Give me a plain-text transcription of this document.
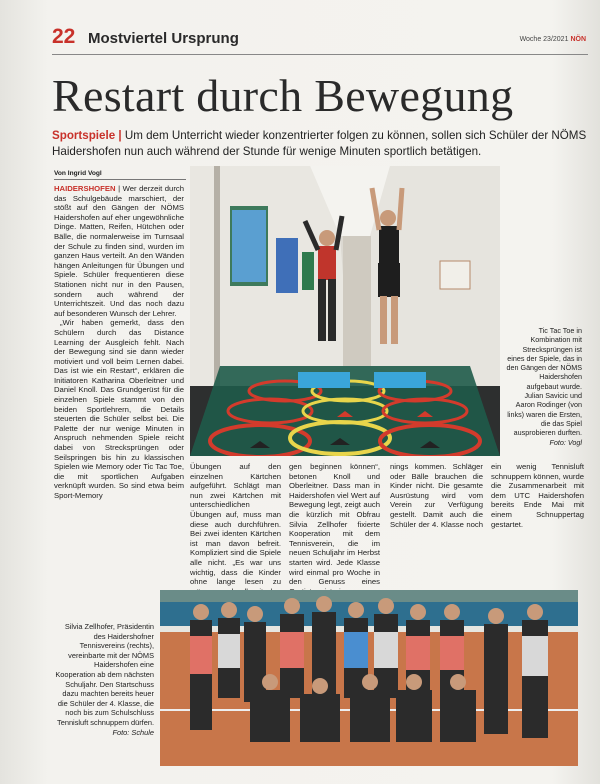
22 Mostviertel Ursprung	Woche 23/2021 NÖN
Restart durch Bewegung
Sportspiele | Um dem Unterricht wieder konzentrierter folgen zu können, sollen sich Schüler der NÖMS Haidershofen nun auch während der Stunde für wenige Minuten sportlich betätigen.
Von Ingrid Vogl

HAIDERSHOFEN | Wer derzeit durch das Schulgebäude marschiert, der stößt auf den Gängen der NÖMS Haidershofen auf eher ungewöhnliche Dinge. Matten, Reifen, Hütchen oder Bälle, die normalerweise im Turnsaal der Schule zu finden sind, wurden im ganzen Haus verteilt. An den Wänden hängen Anleitungen für Übungen und Spiele. Schüler frequentieren diese Stationen nicht nur in den Pausen, sondern auch während der Unterrichtszeit. Und das noch dazu auf besonderen Wunsch der Lehrer.

„Wir haben gemerkt, dass den Schülern durch das Distance Learning der Ausgleich fehlt. Nach der Bewegung sind sie dann wieder motiviert und voll beim Lernen dabei. Das ist wie ein Restart“, erklären die Initiatoren Katharina Oberleitner und Daniel Knoll. Das Grundgerüst für die einzelnen Spiele stammt von den beiden Sportlehrern, die Details steuerten die Schüler selbst bei. Die Palette der nur wenige Minuten in Anspruch nehmenden Spiele reicht dabei von Strecksprüngen oder Seilspringen bis hin zu klassischen Spielen wie Memory oder Tic Tac Toe, die mit sportlichen Aufgaben verknüpft wurden. So sind etwa beim Sport-Memory

Tic Tac Toe in Kombination mit Strecksprüngen ist eines der Spiele, das in den Gängen der NÖMS Haidershofen aufgebaut wurde. Julian Savicic und Aaron Rodinger (von links) waren die Ersten, die das Spiel ausprobieren durften. Foto: Vogl

Übungen auf den einzelnen Kärtchen aufgeführt. Schlägt man nun zwei Kärtchen mit unterschiedlichen Übungen auf, muss man diese auch durchführen. Bei zwei identen Kärtchen ist man davon befreit. Kompliziert sind die Spiele alle nicht. „Es war uns wichtig, dass die Kinder ohne lange lesen zu

gen beginnen können“, betonen Knoll und Oberleitner. Dass man in Haidershofen viel Wert auf Bewegung legt, zeigt auch die kürzlich mit Obfrau Silvia Zellhofer fixierte Kooperation mit dem Tennisverein, die im neuen Schuljahr im Herbst starten wird. Jede Klasse wird einmal pro Woche in den Genuss eines

nings kommen. Schläger oder Bälle brauchen die Kinder nicht. Die gesamte Ausrüstung wird vom Verein zur Verfügung gestellt. Damit auch die Schüler der 4. Klasse noch ein wenig Tennisluft schnuppern können, wurde die Zusammenarbeit mit dem UTC Haidershofen bereits Ende Mai mit einem Schnuppertag gestartet.

Silvia Zellhofer, Präsidentin des Haidershofner Tennisvereins (rechts), vereinbarte mit der NÖMS Haidershofen eine Kooperation ab dem nächsten Schuljahr. Den Startschuss dazu machten bereits heuer die Schüler der 4. Klasse, die noch bis zum Schulschluss Tennisluft schnuppern dürfen. Foto: Schule
